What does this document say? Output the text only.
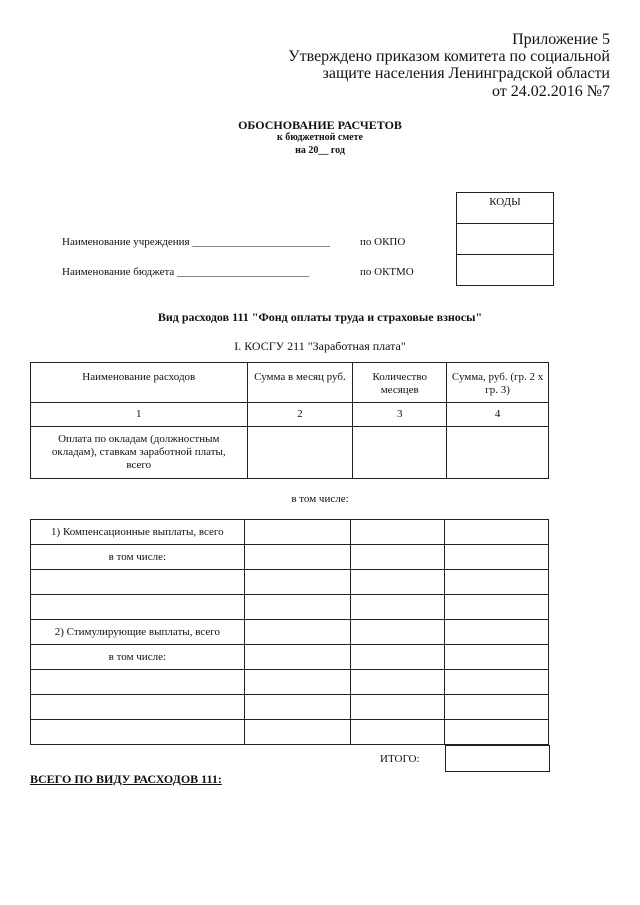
Приложение 5
Утверждено приказом комитета по социальной
защите населения Ленинградской области
от 24.02.2016 №7
ОБОСНОВАНИЕ РАСЧЕТОВ
к бюджетной смете
на 20__ год
КОДЫ
Наименование учреждения _________________________	по ОКПО
Наименование бюджета ________________________	по ОКТМО
Вид расходов 111 "Фонд оплаты труда и страховые взносы"
I. КОСГУ 211 "Заработная плата"
Наименование расходов	Сумма в месяц руб.	Количество месяцев	Сумма, руб. (гр. 2 х гр. 3)
1	2	3	4
Оплата по окладам (должностным окладам), ставкам заработной платы, всего			
в том числе:
1) Компенсационные выплаты, всего			
в том числе:			

2) Стимулирующие выплаты, всего			
в том числе:			

ИТОГО:
ВСЕГО ПО ВИДУ РАСХОДОВ 111:
